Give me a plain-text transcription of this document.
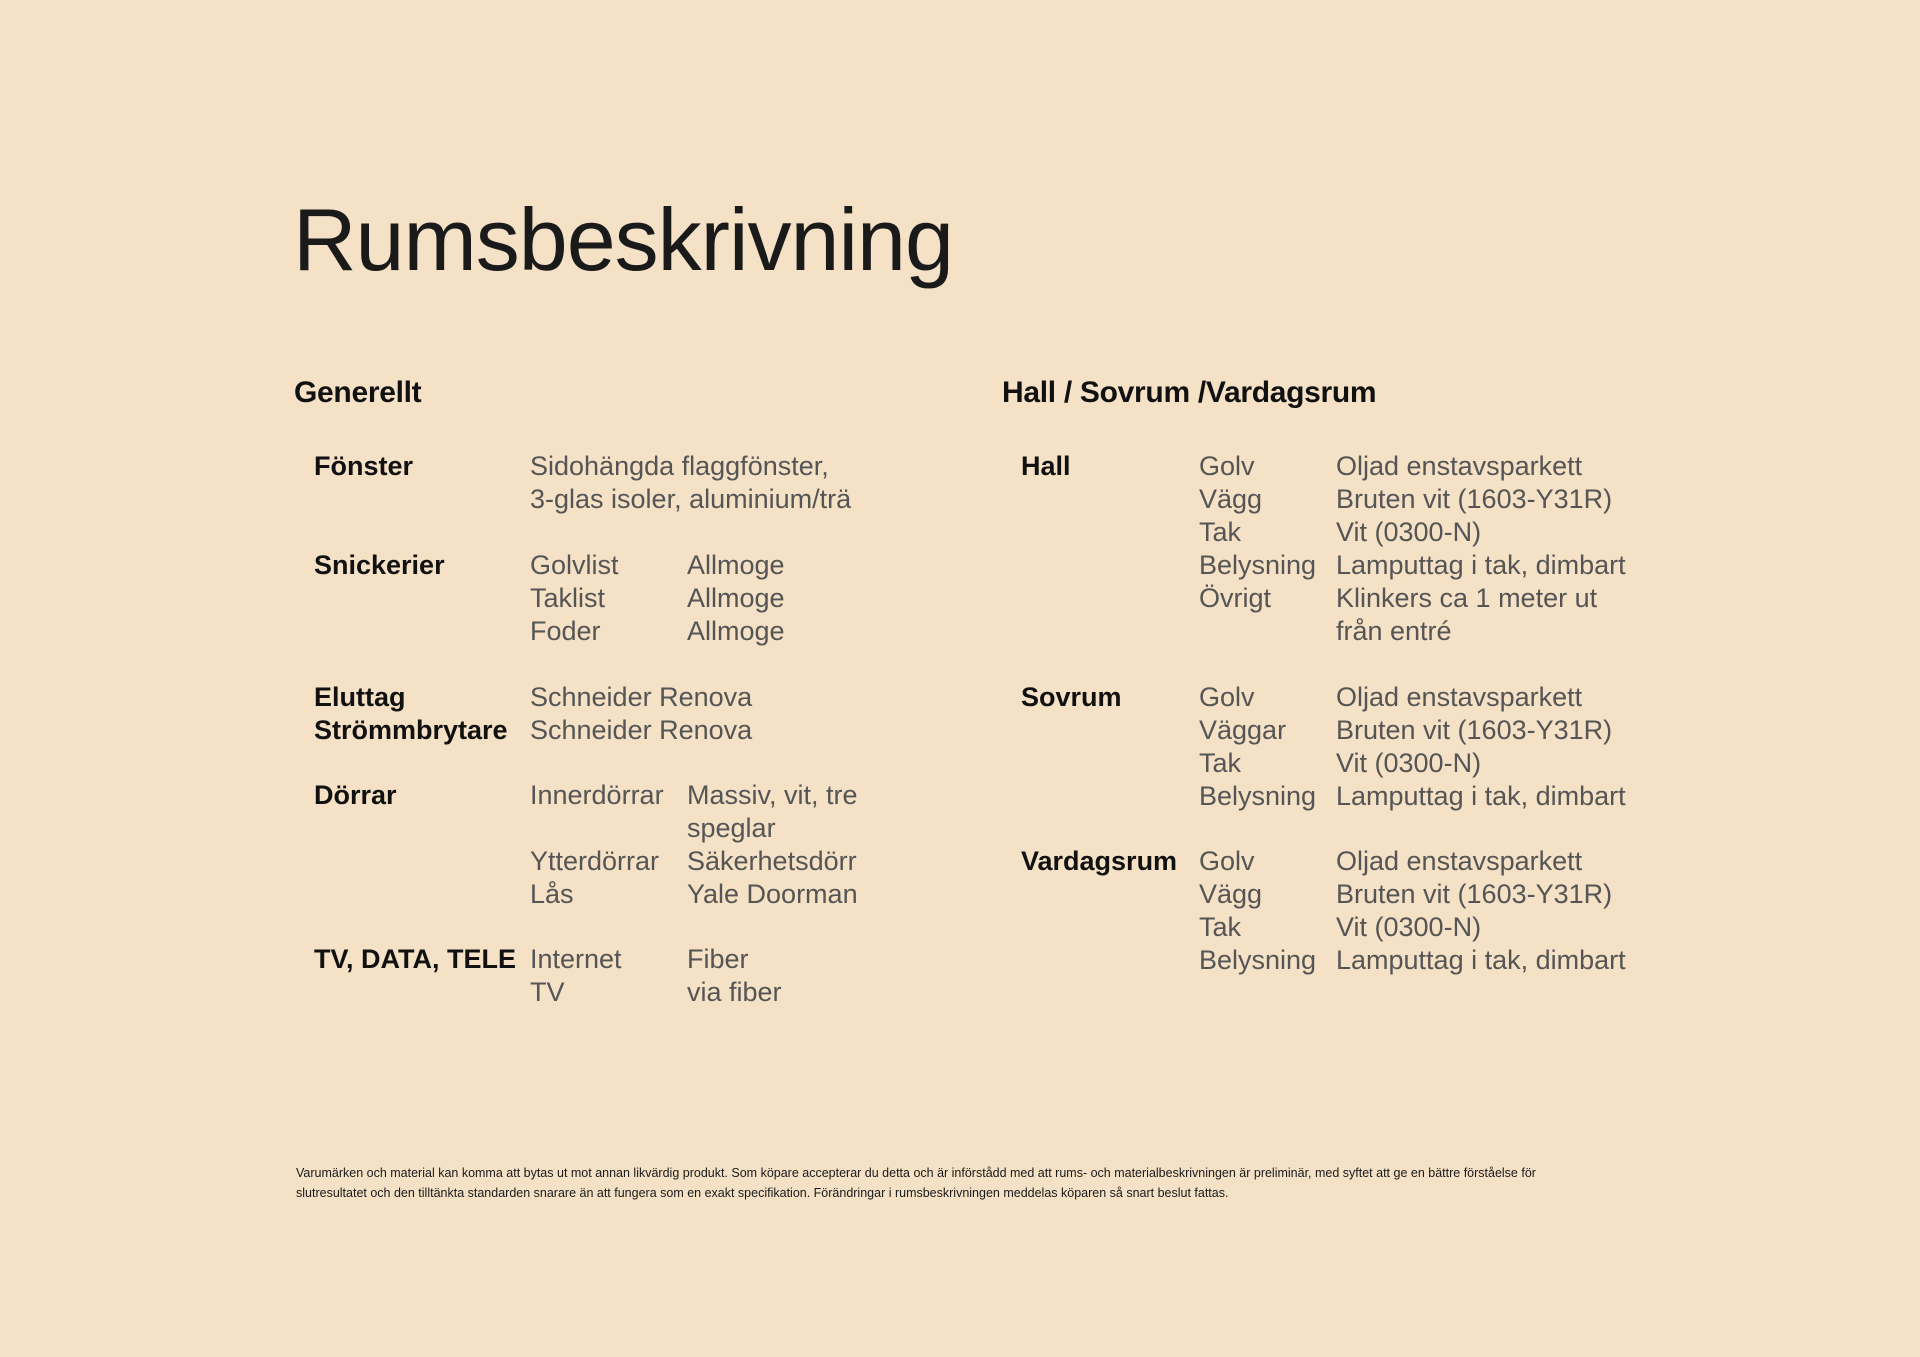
Rumsbeskrivning
Generellt
Fönster	Sidohängda flaggfönster,
3-glas isoler, aluminium/trä
Snickerier	Golvlist	Allmoge
Taklist	Allmoge
Foder	Allmoge
Eluttag	Schneider Renova
Strömmbrytare Schneider Renova
Dörrar	Innerdörrar Massiv, vit, tre
speglar
Ytterdörrar Säkerhetsdörr
Lås	Yale Doorman
TV, DATA, TELE Internet Fiber
TV	via fiber
Hall / Sovrum /Vardagsrum
Hall	Golv	Oljad enstavsparkett
Vägg	Bruten vit (1603-Y31R)
Tak	Vit (0300-N)
Belysning Lamputtag i tak, dimbart
Övrigt Klinkers ca 1 meter ut
från entré
Sovrum	Golv	Oljad enstavsparkett
Väggar Bruten vit (1603-Y31R)
Tak	Vit (0300-N)
Belysning Lamputtag i tak, dimbart
Vardagsrum Golv	Oljad enstavsparkett
Vägg	Bruten vit (1603-Y31R)
Tak	Vit (0300-N)
Belysning Lamputtag i tak, dimbart
Varumärken och material kan komma att bytas ut mot annan likvärdig produkt. Som köpare accepterar du detta och är införstådd med att rums- och materialbeskrivningen är preliminär, med syftet att ge en bättre förståelse för
slutresultatet och den tilltänkta standarden snarare än att fungera som en exakt specifikation. Förändringar i rumsbeskrivningen meddelas köparen så snart beslut fattas.
